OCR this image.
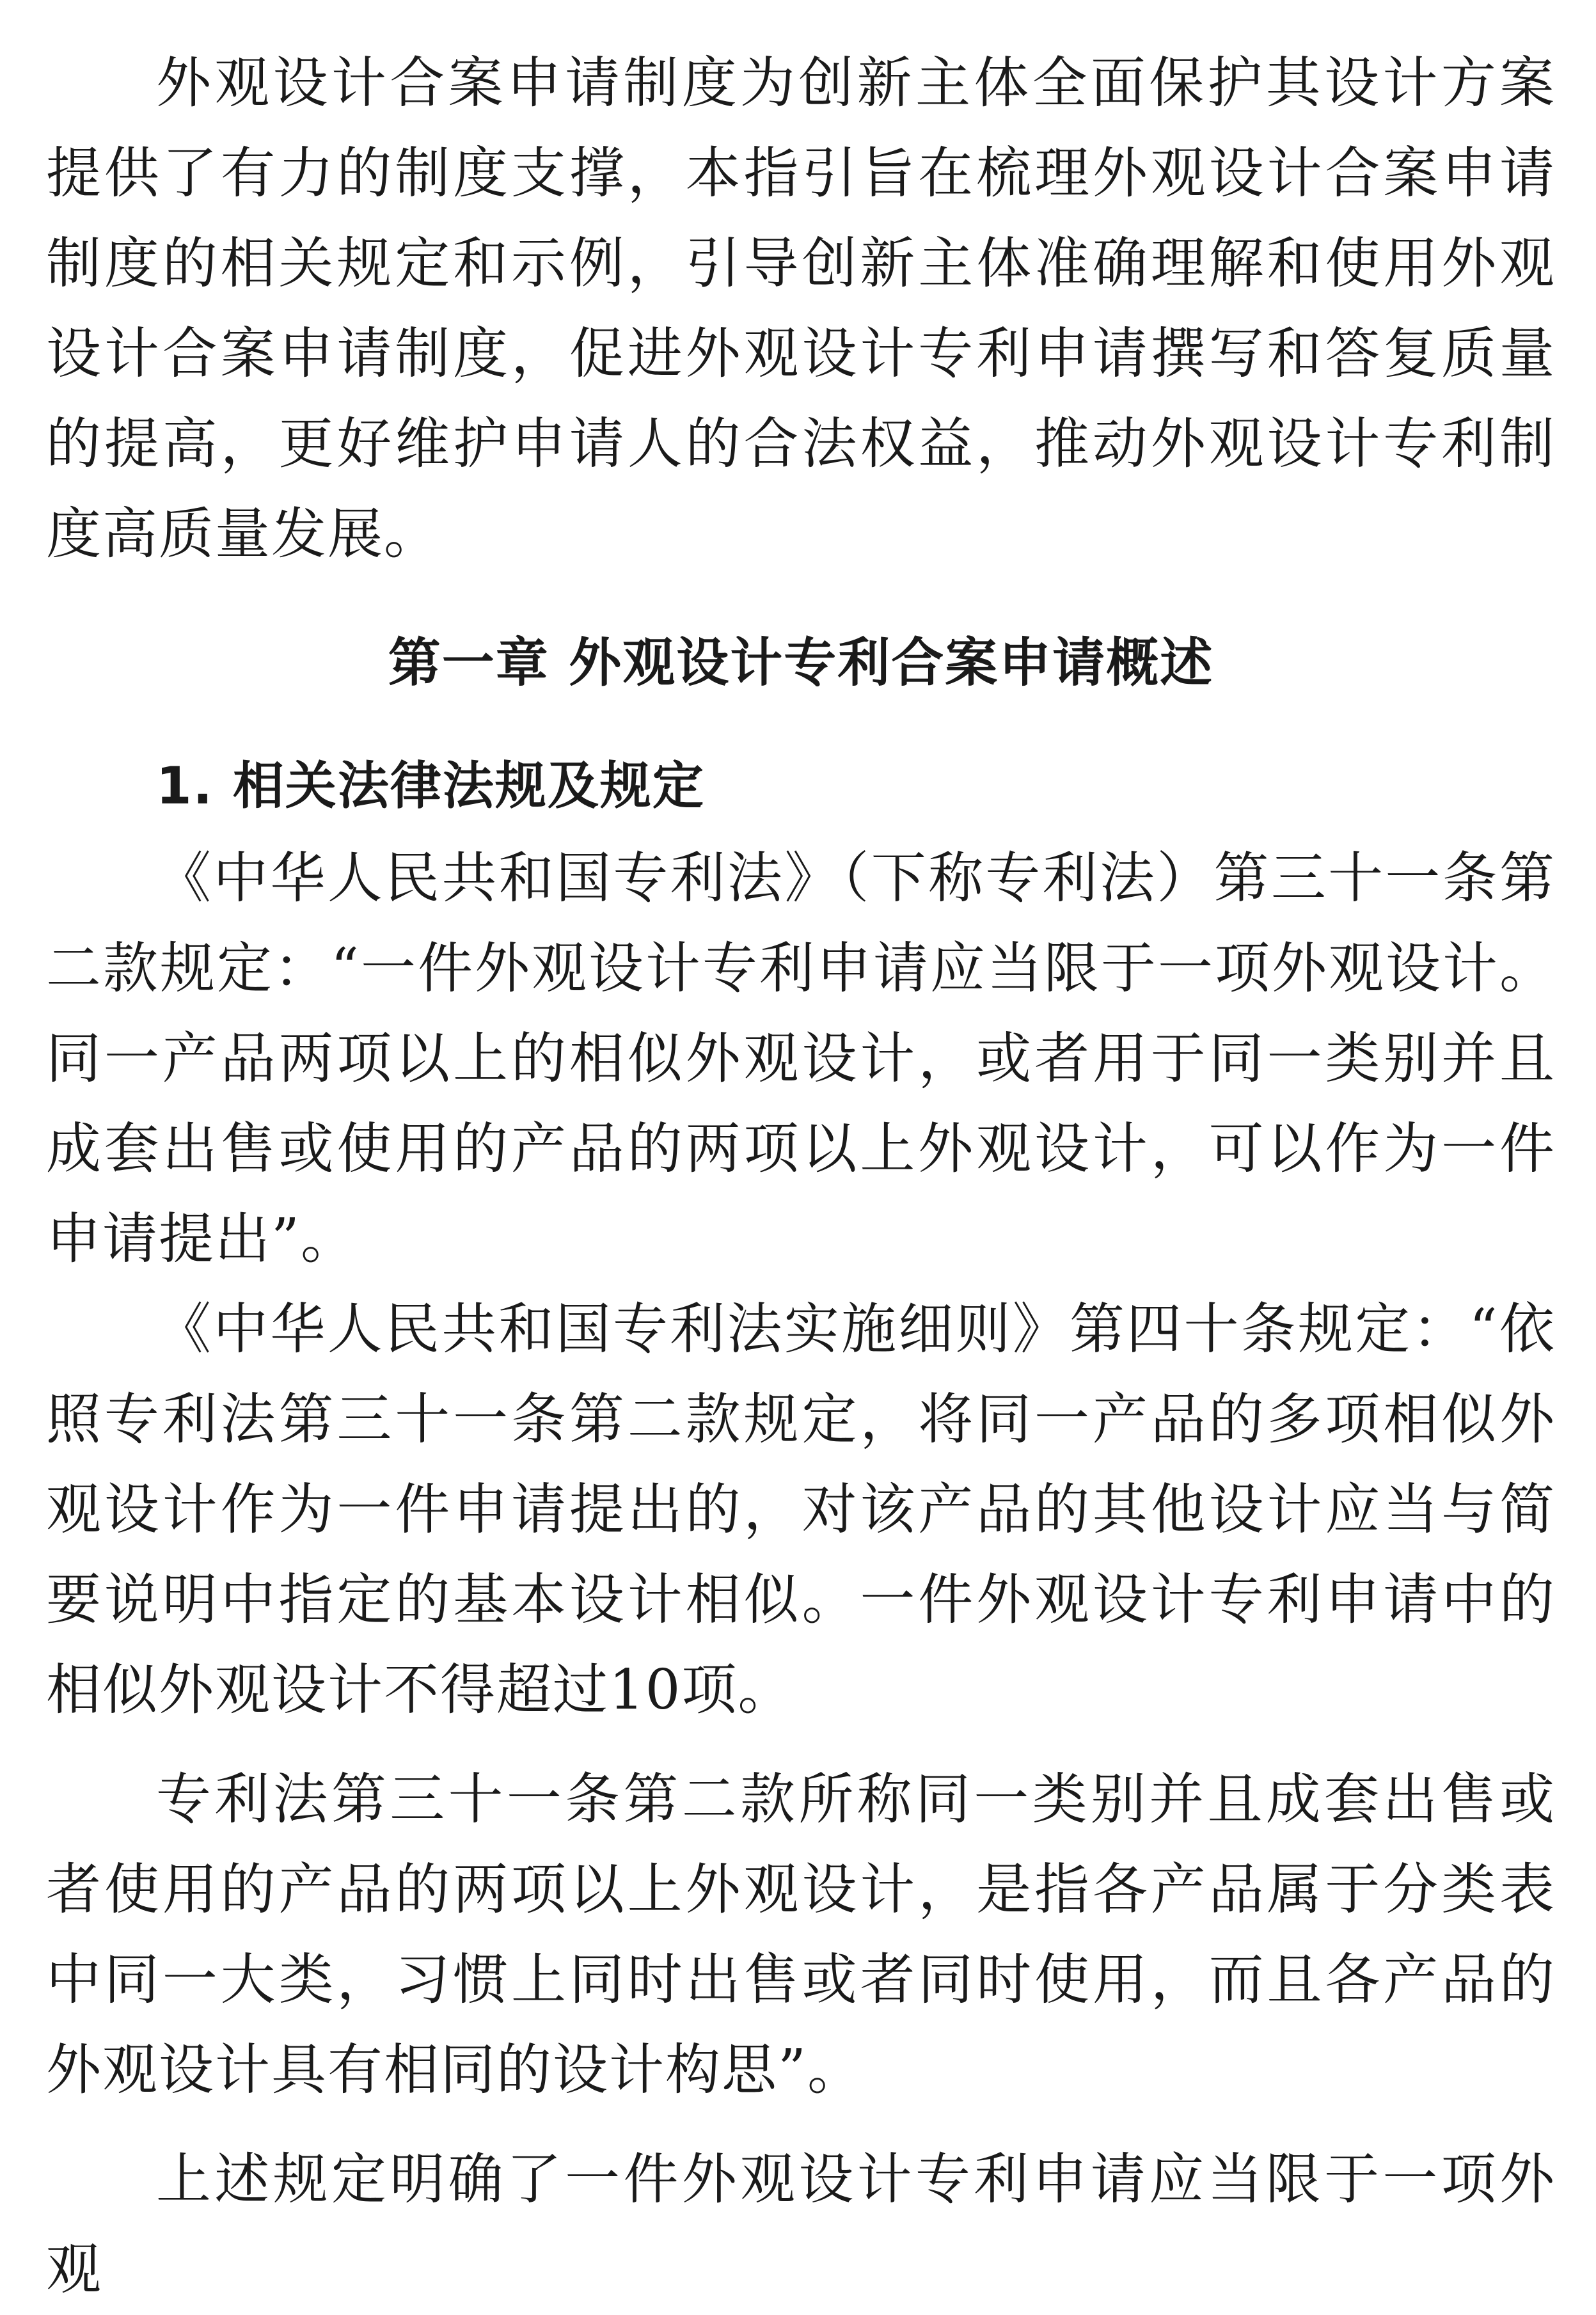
外观设计合案申请制度为创新主体全面保护其设计方案提供了有力的制度支撑，本指引旨在梳理外观设计合案申请制度的相关规定和示例，引导创新主体准确理解和使用外观设计合案申请制度，促进外观设计专利申请撰写和答复质量的提高，更好维护申请人的合法权益，推动外观设计专利制度高质量发展。

第一章 外观设计专利合案申请概述
1. 相关法律法规及规定

《中华人民共和国专利法》（下称专利法）第三十一条第二款规定：“一件外观设计专利申请应当限于一项外观设计。同一产品两项以上的相似外观设计，或者用于同一类别并且成套出售或使用的产品的两项以上外观设计，可以作为一件申请提出”。

《中华人民共和国专利法实施细则》第四十条规定：“依照专利法第三十一条第二款规定，将同一产品的多项相似外观设计作为一件申请提出的，对该产品的其他设计应当与简要说明中指定的基本设计相似。一件外观设计专利申请中的相似外观设计不得超过10项。

专利法第三十一条第二款所称同一类别并且成套出售或者使用的产品的两项以上外观设计，是指各产品属于分类表中同一大类，习惯上同时出售或者同时使用，而且各产品的外观设计具有相同的设计构思”。

上述规定明确了一件外观设计专利申请应当限于一项外观
